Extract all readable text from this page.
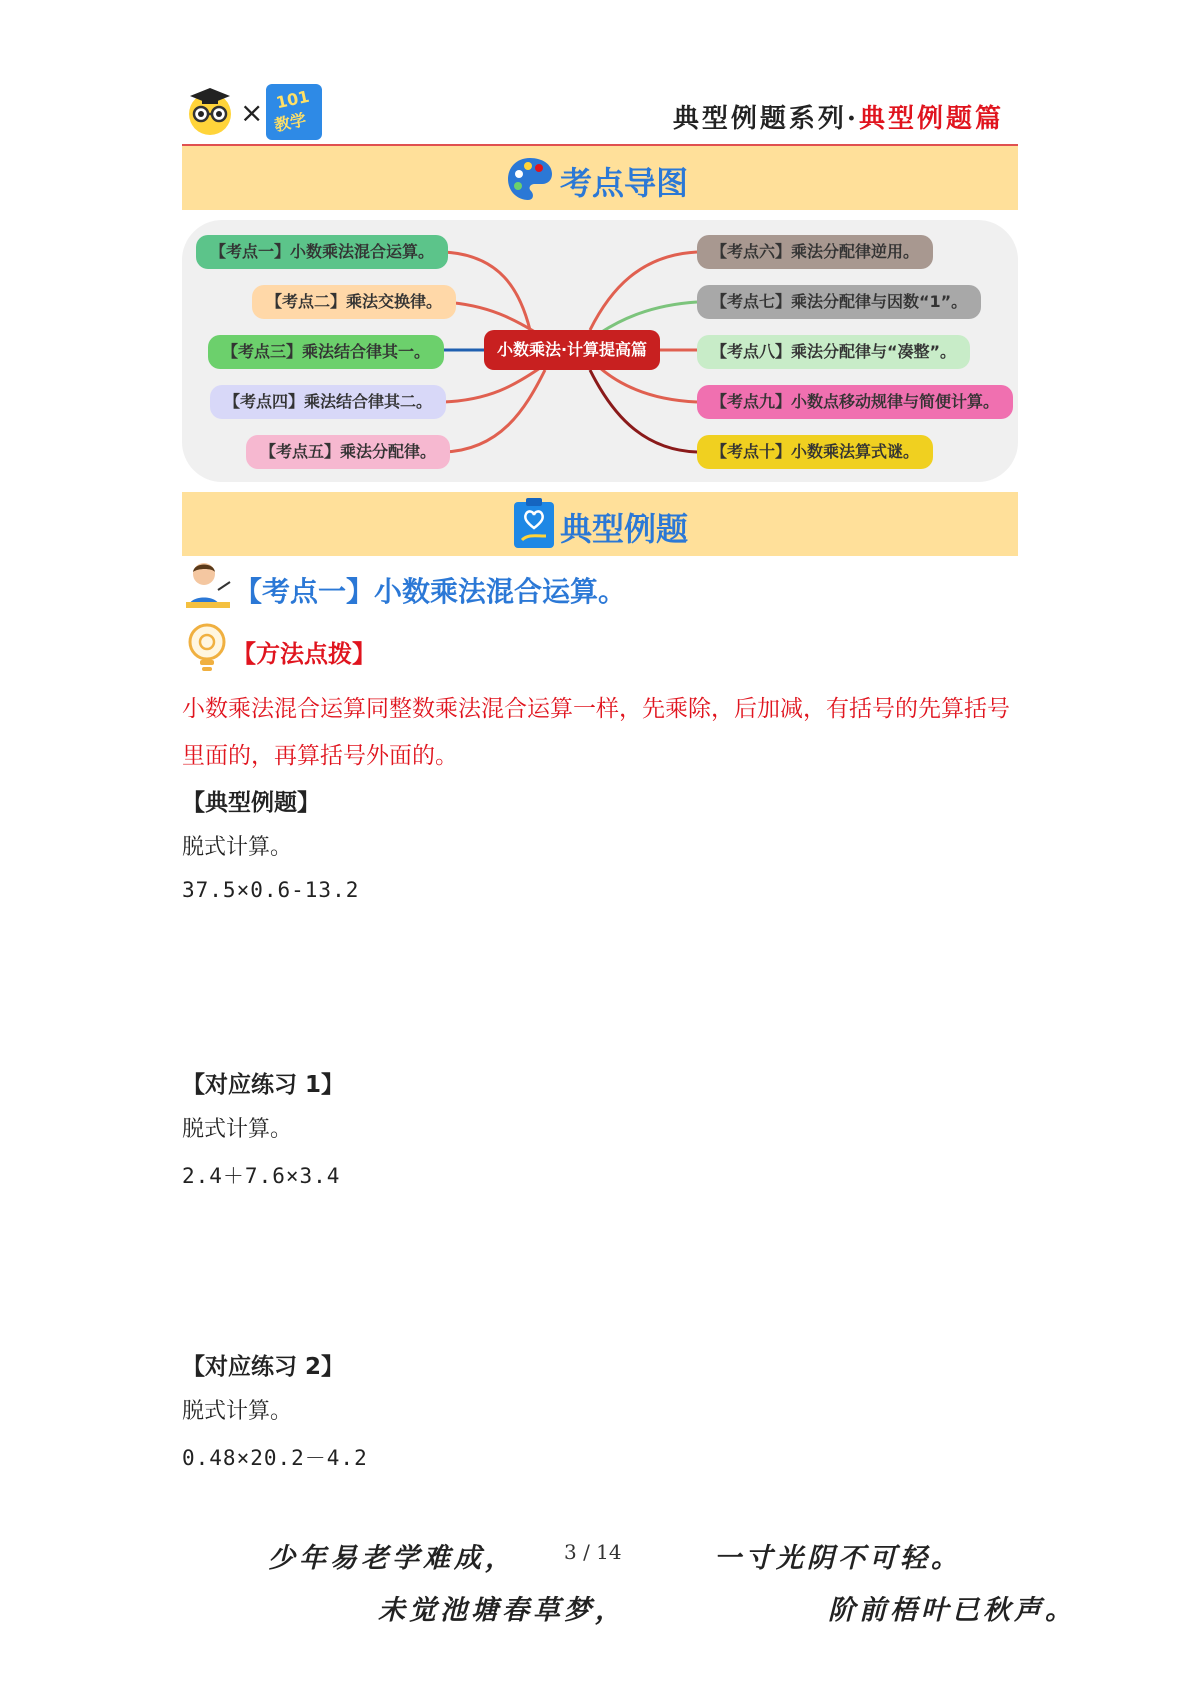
× 101
教学	典型例题系列·典型例题篇
考点导图
【考点一】小数乘法混合运算。
【考点二】乘法交换律。
【考点三】乘法结合律其一。
【考点四】乘法结合律其二。
【考点五】乘法分配律。
小数乘法·计算提高篇
【考点六】乘法分配律逆用。
【考点七】乘法分配律与因数“1”。
【考点八】乘法分配律与“凑整”。
【考点九】小数点移动规律与简便计算。
【考点十】小数乘法算式谜。
典型例题
【考点一】小数乘法混合运算。
【方法点拨】
小数乘法混合运算同整数乘法混合运算一样，先乘除，后加减，有括号的先算括号里面的，再算括号外面的。
【典型例题】
脱式计算。
37.5×0.6-13.2
【对应练习 1】
脱式计算。
2.4＋7.6×3.4
【对应练习 2】
脱式计算。
0.48×20.2－4.2
少年易老学难成， 3 / 14	一寸光阴不可轻。
未觉池塘春草梦，	阶前梧叶已秋声。
